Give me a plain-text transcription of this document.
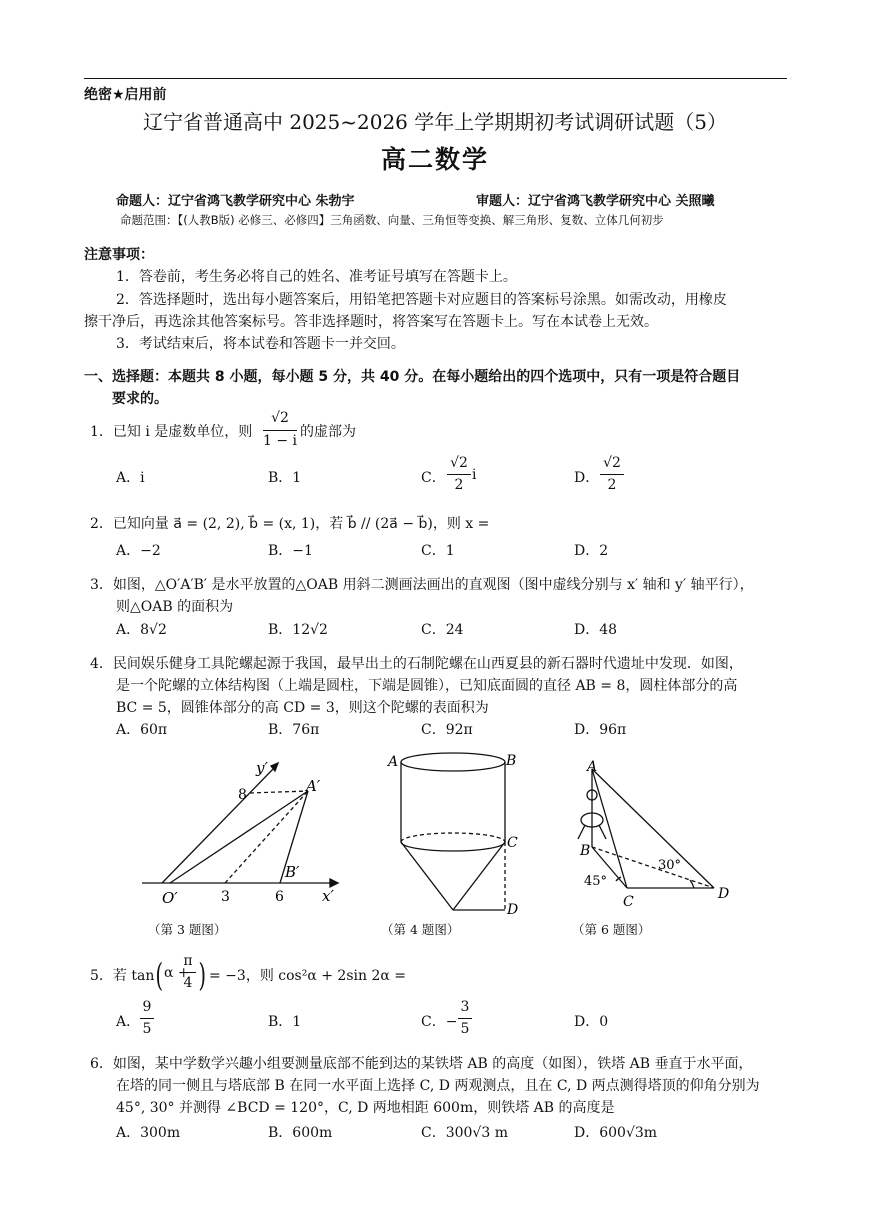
绝密★启用前
辽宁省普通高中 2025~2026 学年上学期期初考试调研试题（5）
高二数学
命题人：辽宁省鸿飞教学研究中心 朱勃宇	审题人：辽宁省鸿飞教学研究中心 关照曦
命题范围：【(人教B版) 必修三、必修四】三角函数、向量、三角恒等变换、解三角形、复数、立体几何初步
注意事项：
1．答卷前，考生务必将自己的姓名、准考证号填写在答题卡上。
2．答选择题时，选出每小题答案后，用铅笔把答题卡对应题目的答案标号涂黑。如需改动，用橡皮
擦干净后，再选涂其他答案标号。答非选择题时，将答案写在答题卡上。写在本试卷上无效。
3．考试结束后，将本试卷和答题卡一并交回。
一、选择题：本题共 8 小题，每小题 5 分，共 40 分。在每小题给出的四个选项中，只有一项是符合题目
要求的。
1．已知 i 是虚数单位，则
√2
1 − i
的虚部为
A．i	B．1	C．
√2
2
i	D．
√2
2
2．已知向量 a⃗ = (2, 2), b⃗ = (x, 1)，若 b⃗ // (2a⃗ − b⃗)，则 x =
A．−2	B．−1	C．1	D．2
3．如图，△O′A′B′ 是水平放置的△OAB 用斜二测画法画出的直观图（图中虚线分别与 x′ 轴和 y′ 轴平行），
则△OAB 的面积为
A．8√2	B．12√2	C．24	D．48
4．民间娱乐健身工具陀螺起源于我国，最早出土的石制陀螺在山西夏县的新石器时代遗址中发现．如图，
是一个陀螺的立体结构图（上端是圆柱，下端是圆锥），已知底面圆的直径 AB = 8，圆柱体部分的高
BC = 5，圆锥体部分的高 CD = 3，则这个陀螺的表面积为
A．60π	B．76π	C．92π	D．96π
y′
x′
O′
A′
B′
8
3	6
（第 3 题图）
A	B
C
D
（第 4 题图）
A
B
C	D
30°
45°
（第 6 题图）
5．若 tan ( α +
π
4 ) = −3，则 cos²α + 2sin 2α =
A．
9
5	B．1	C．−
3
5	D．0
6．如图，某中学数学兴趣小组要测量底部不能到达的某铁塔 AB 的高度（如图），铁塔 AB 垂直于水平面，
在塔的同一侧且与塔底部 B 在同一水平面上选择 C, D 两观测点，且在 C, D 两点测得塔顶的仰角分别为
45°, 30° 并测得 ∠BCD = 120°，C, D 两地相距 600m，则铁塔 AB 的高度是
A．300m	B．600m	C．300√3 m	D．600√3m
